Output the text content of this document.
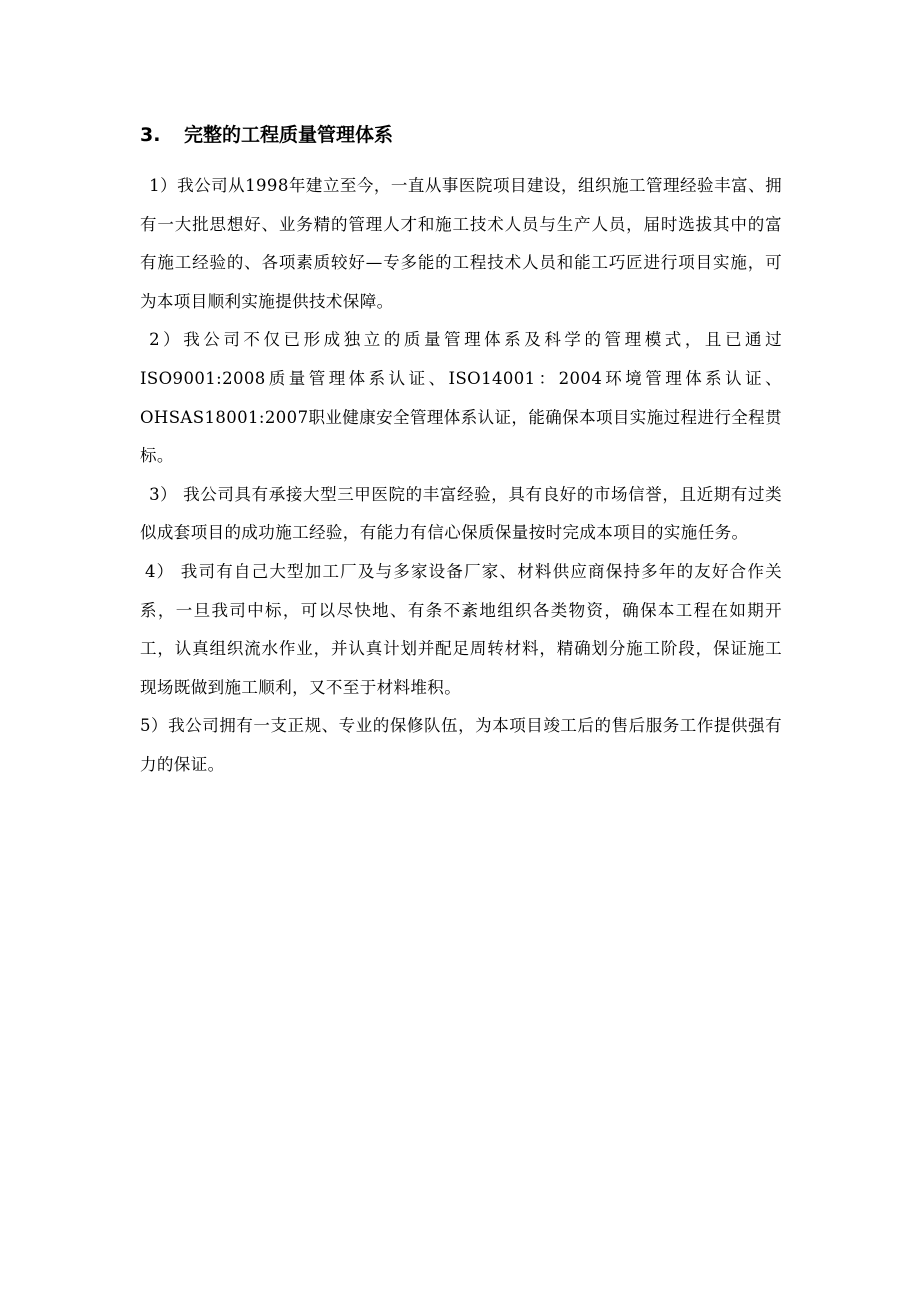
3. 完整的工程质量管理体系

1）我公司从1998年建立至今，一直从事医院项目建设，组织施工管理经验丰富、拥有一大批思想好、业务精的管理人才和施工技术人员与生产人员，届时选拔其中的富有施工经验的、各项素质较好—专多能的工程技术人员和能工巧匠进行项目实施，可为本项目顺利实施提供技术保障。

2）我公司不仅已形成独立的质量管理体系及科学的管理模式，且已通过ISO9001:2008质量管理体系认证、ISO14001：2004环境管理体系认证、OHSAS18001:2007职业健康安全管理体系认证，能确保本项目实施过程进行全程贯标。

3） 我公司具有承接大型三甲医院的丰富经验，具有良好的市场信誉，且近期有过类似成套项目的成功施工经验，有能力有信心保质保量按时完成本项目的实施任务。

4） 我司有自己大型加工厂及与多家设备厂家、材料供应商保持多年的友好合作关系，一旦我司中标，可以尽快地、有条不紊地组织各类物资，确保本工程在如期开工，认真组织流水作业，并认真计划并配足周转材料，精确划分施工阶段，保证施工现场既做到施工顺利，又不至于材料堆积。

5）我公司拥有一支正规、专业的保修队伍，为本项目竣工后的售后服务工作提供强有力的保证。
